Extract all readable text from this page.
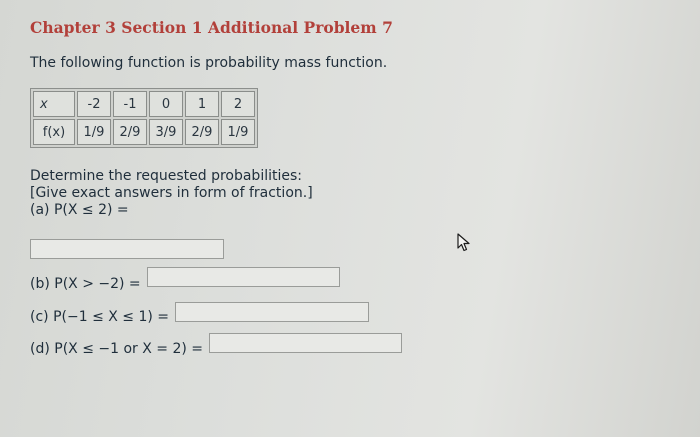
Chapter 3 Section 1 Additional Problem 7
The following function is probability mass function.
x	-2	-1	0	1	2
f(x)	1/9	2/9	3/9	2/9	1/9
Determine the requested probabilities:
[Give exact answers in form of fraction.]
(a) P(X ≤ 2) =
(b) P(X > −2) =
(c) P(−1 ≤ X ≤ 1) =
(d) P(X ≤ −1 or X = 2) =
